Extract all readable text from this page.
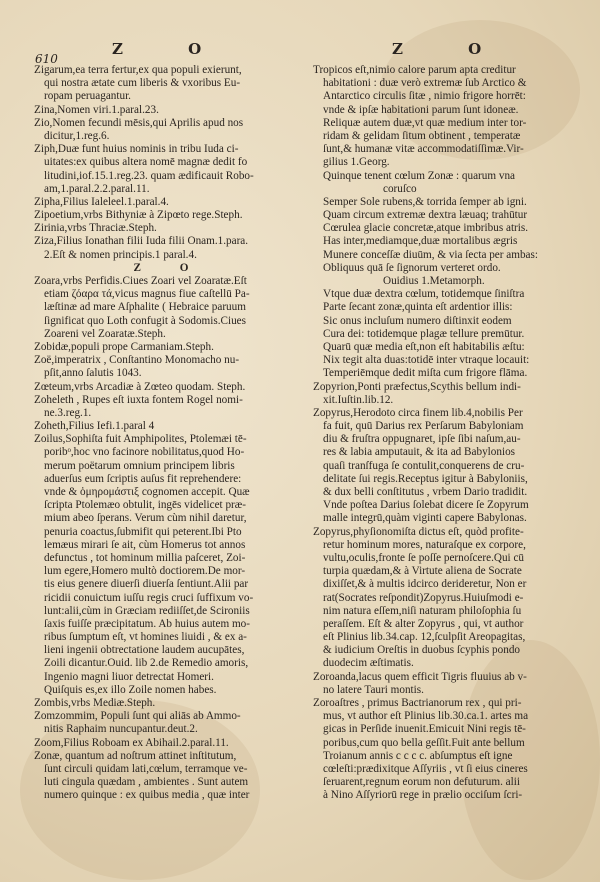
610
Z O	Z O
Zigarum,ea terra fertur,ex qua populi exierunt,
qui nostra ætate cum liberis & vxoribus Eu-
ropam peruagantur.
Zina,Nomen viri.1.paral.23.
Zio,Nomen fecundi mēsis,qui Aprilis apud nos
dicitur,1.reg.6.
Ziph,Duæ funt huius nominis in tribu Iuda ci-
uitates:ex quibus altera nomē magnæ dedit fo
litudini,iof.15.1.reg.23. quam ædificauit Robo-
am,1.paral.2.2.paral.11.
Zipha,Filius Ialeleel.1.paral.4.
Zipoetium,vrbs Bithyniæ à Zipœto rege.Steph.
Zirinia,vrbs Thraciæ.Steph.
Ziza,Filius Ionathan filii Iuda filii Onam.1.para.
2.Eſt & nomen principis.1 paral.4.
Z O
Zoara,vrbs Perfidis.Ciues Zoari vel Zoaratæ.Eſt
etiam ζόαρα τά,vicus magnus fiue caſtellū Pa-
læſtinæ ad mare Aſphalite ( Hebraice paruum
ſignificat quo Loth confugit à Sodomis.Ciues
Zoareni vel Zoaratæ.Steph.
Zobidæ,populi prope Carmaniam.Steph.
Zoë,imperatrix , Conſtantino Monomacho nu-
pſit,anno ſalutis 1043.
Zœteum,vrbs Arcadiæ à Zœteo quodam. Steph.
Zoheleth , Rupes eſt iuxta fontem Rogel nomi-
ne.3.reg.1.
Zoheth,Filius Iefi.1.paral 4
Zoilus,Sophiſta fuit Amphipolites, Ptolemæi tē-
poribᵒ,hoc vno facinore nobilitatus,quod Ho-
merum poëtarum omnium principem libris
aduerſus eum ſcriptis auſus fit reprehendere:
vnde & ὁμηρομάστιξ cognomen accepit. Quæ
ſcripta Ptolemæo obtulit, ingēs videlicet præ-
mium abeo ſperans. Verum cùm nihil daretur,
penuria coactus,ſubmifit qui peterent.Ibi Pto
lemæus mirari ſe ait, cùm Homerus tot annos
defunctus , tot hominum millia paſceret, Zoi-
lum egere,Homero multò doctiorem.De mor-
tis eius genere diuerſi diuerſa ſentiunt.Alii par
ricidii conuictum iuſſu regis cruci ſuffixum vo-
lunt:alii,cùm in Græciam rediiſſet,de Scironiis
ſaxis fuiſſe præcipitatum. Ab huius autem mo-
ribus ſumptum eſt, vt homines liuidi , & ex a-
lieni ingenii obtrectatione laudem aucupātes,
Zoili dicantur.Ouid. lib 2.de Remedio amoris,
Ingenio magni liuor detrectat Homeri.
Quiſquis es,ex illo Zoile nomen habes.
Zombis,vrbs Mediæ.Steph.
Zomzommim, Populi ſunt qui aliās ab Ammo-
nitis Raphaim nuncupantur.deut.2.
Zoom,Filius Roboam ex Abihail.2.paral.11.
Zonæ, quantum ad noſtrum attinet inſtitutum,
ſunt circuli quidam lati,cœlum, terramque ve-
luti cingula quædam , ambientes . Sunt autem
numero quinque : ex quibus media , quæ inter
Tropicos eſt,nimio calore parum apta creditur
habitationi : duæ verò extremæ ſub Arctico &
Antarctico circulis ſitæ , nimio frigore horrēt:
vnde & ipſæ habitationi parum ſunt idoneæ.
Reliquæ autem duæ,vt quæ medium inter tor-
ridam & gelidam ſitum obtinent , temperatæ
ſunt,& humanæ vitæ accommodatiſſimæ.Vir-
gilius 1.Georg.
Quinque tenent cœlum Zonæ : quarum vna
coruſco
Semper Sole rubens,& torrida ſemper ab igni.
Quam circum extremæ dextra læuaq; trahūtur
Cœrulea glacie concretæ,atque imbribus atris.
Has inter,mediamque,duæ mortalibus ægris
Munere conceſſæ diuūm, & via ſecta per ambas:
Obliquus quā ſe ſignorum verteret ordo.
Ouidius 1.Metamorph.
Vtque duæ dextra cœlum, totidemque ſiniſtra
Parte ſecant zonæ,quinta eſt ardentior illis:
Sic onus incluſum numero diſtinxit eodem
Cura dei: totidemque plagæ tellure premūtur.
Quarū quæ media eſt,non eſt habitabilis æſtu:
Nix tegit alta duas:totidē inter vtraque locauit:
Temperiēmque dedit miſta cum frigore flāma.
Zopyrion,Ponti præfectus,Scythis bellum indi-
xit.Iuſtin.lib.12.
Zopyrus,Herodoto circa finem lib.4,nobilis Per
fa fuit, quū Darius rex Perſarum Babyloniam
diu & fruſtra oppugnaret, ipſe ſibi naſum,au-
res & labia amputauit, & ita ad Babylonios
quaſi tranſfuga ſe contulit,conquerens de cru-
delitate ſui regis.Receptus igitur à Babyloniis,
& dux belli conſtitutus , vrbem Dario tradidit.
Vnde poſtea Darius ſolebat dicere ſe Zopyrum
malle integrū,quàm viginti capere Babylonas.
Zopyrus,phyſionomiſta dictus eſt, quòd profite-
retur hominum mores, naturaſque ex corpore,
vultu,oculis,fronte ſe poſſe pernoſcere.Qui cū
turpia quædam,& à Virtute aliena de Socrate
dixiſſet,& à multis idcirco derideretur, Non er
rat(Socrates reſpondit)Zopyrus.Huiuſmodi e-
nim natura eſſem,niſi naturam philoſophia ſu
peraſſem. Eſt & alter Zopyrus , qui, vt author
eſt Plinius lib.34.cap. 12,ſculpſit Areopagitas,
& iudicium Oreſtis in duobus ſcyphis pondo
duodecim æſtimatis.
Zoroanda,lacus quem efficit Tigris fluuius ab v-
no latere Tauri montis.
Zoroaſtres , primus Bactrianorum rex , qui pri-
mus, vt author eſt Plinius lib.30.ca.1. artes ma
gicas in Perſide inuenit.Emicuit Nini regis tē-
poribus,cum quo bella geſſit.Fuit ante bellum
Troianum annis c c c c. abſumptus eſt igne
cœleſti:prædixitque Aſſyriis , vt ſi eius cineres
ſeruarent,regnum eorum non defuturum. alii
à Nino Aſſyriorū rege in prælio occiſum ſcri-
